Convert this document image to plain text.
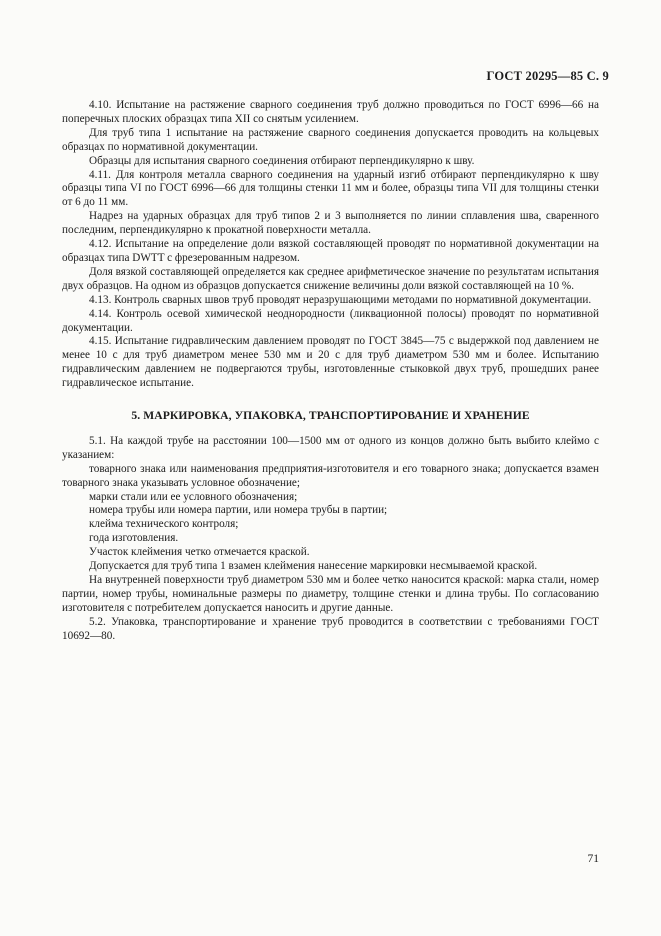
ГОСТ 20295—85 С. 9

4.10. Испытание на растяжение сварного соединения труб должно проводиться по ГОСТ 6996—66 на поперечных плоских образцах типа XII со снятым усилением.

Для труб типа 1 испытание на растяжение сварного соединения допускается проводить на кольцевых образцах по нормативной документации.

Образцы для испытания сварного соединения отбирают перпендикулярно к шву.

4.11. Для контроля металла сварного соединения на ударный изгиб отбирают перпендикулярно к шву образцы типа VI по ГОСТ 6996—66 для толщины стенки 11 мм и более, образцы типа VII для толщины стенки от 6 до 11 мм.

Надрез на ударных образцах для труб типов 2 и 3 выполняется по линии сплавления шва, сваренного последним, перпендикулярно к прокатной поверхности металла.

4.12. Испытание на определение доли вязкой составляющей проводят по нормативной документации на образцах типа DWTT с фрезерованным надрезом.

Доля вязкой составляющей определяется как среднее арифметическое значение по результатам испытания двух образцов. На одном из образцов допускается снижение величины доли вязкой составляющей на 10 %.

4.13. Контроль сварных швов труб проводят неразрушающими методами по нормативной документации.

4.14. Контроль осевой химической неоднородности (ликвационной полосы) проводят по нормативной документации.

4.15. Испытание гидравлическим давлением проводят по ГОСТ 3845—75 с выдержкой под давлением не менее 10 с для труб диаметром менее 530 мм и 20 с для труб диаметром 530 мм и более. Испытанию гидравлическим давлением не подвергаются трубы, изготовленные стыковкой двух труб, прошедших ранее гидравлическое испытание.

5. МАРКИРОВКА, УПАКОВКА, ТРАНСПОРТИРОВАНИЕ И ХРАНЕНИЕ

5.1. На каждой трубе на расстоянии 100—1500 мм от одного из концов должно быть выбито клеймо с указанием:

товарного знака или наименования предприятия-изготовителя и его товарного знака; допускается взамен товарного знака указывать условное обозначение;

марки стали или ее условного обозначения;

номера трубы или номера партии, или номера трубы в партии;

клейма технического контроля;

года изготовления.

Участок клеймения четко отмечается краской.

Допускается для труб типа 1 взамен клеймения нанесение маркировки несмываемой краской.

На внутренней поверхности труб диаметром 530 мм и более четко наносится краской: марка стали, номер партии, номер трубы, номинальные размеры по диаметру, толщине стенки и длина трубы. По согласованию изготовителя с потребителем допускается наносить и другие данные.

5.2. Упаковка, транспортирование и хранение труб проводится в соответствии с требованиями ГОСТ 10692—80.

71
